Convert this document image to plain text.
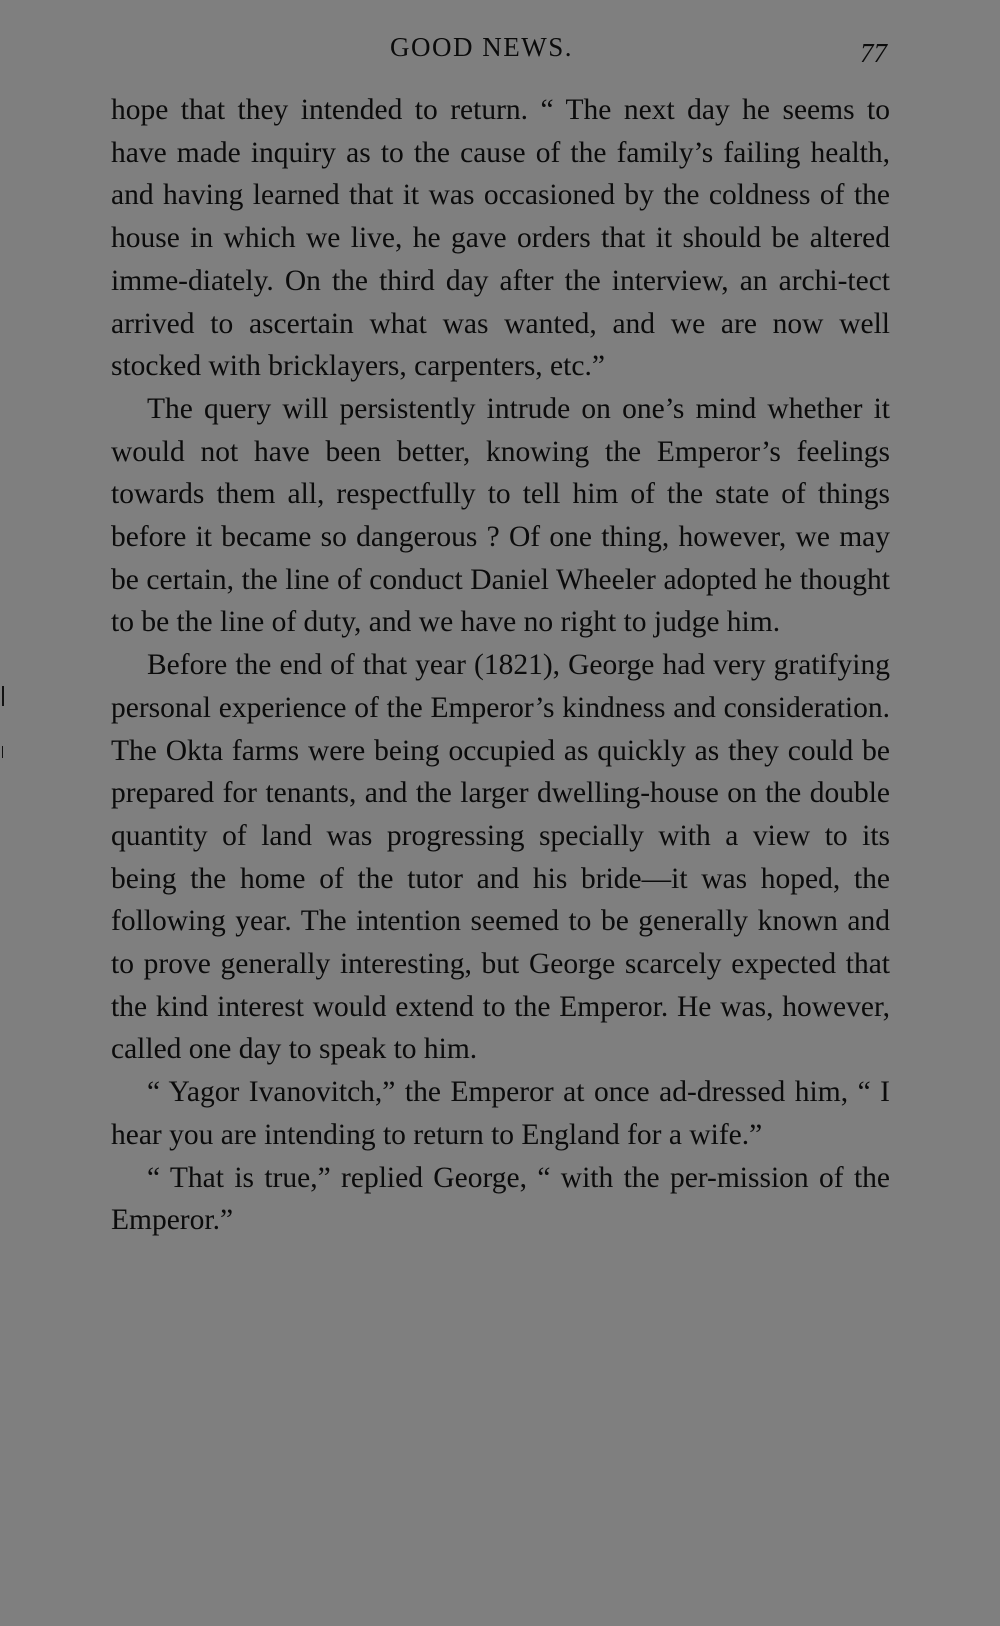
GOOD NEWS.	77

hope that they intended to return. “ The next day he seems to have made inquiry as to the cause of the family’s failing health, and having learned that it was occasioned by the coldness of the house in which we live, he gave orders that it should be altered imme-diately. On the third day after the interview, an archi-tect arrived to ascertain what was wanted, and we are now well stocked with bricklayers, carpenters, etc.”

The query will persistently intrude on one’s mind whether it would not have been better, knowing the Emperor’s feelings towards them all, respectfully to tell him of the state of things before it became so dangerous ? Of one thing, however, we may be certain, the line of conduct Daniel Wheeler adopted he thought to be the line of duty, and we have no right to judge him.

Before the end of that year (1821), George had very gratifying personal experience of the Emperor’s kindness and consideration. The Okta farms were being occupied as quickly as they could be prepared for tenants, and the larger dwelling-house on the double quantity of land was progressing specially with a view to its being the home of the tutor and his bride—it was hoped, the following year. The intention seemed to be generally known and to prove generally interesting, but George scarcely expected that the kind interest would extend to the Emperor. He was, however, called one day to speak to him.

“ Yagor Ivanovitch,” the Emperor at once ad-dressed him, “ I hear you are intending to return to England for a wife.”

“ That is true,” replied George, “ with the per-mission of the Emperor.”
